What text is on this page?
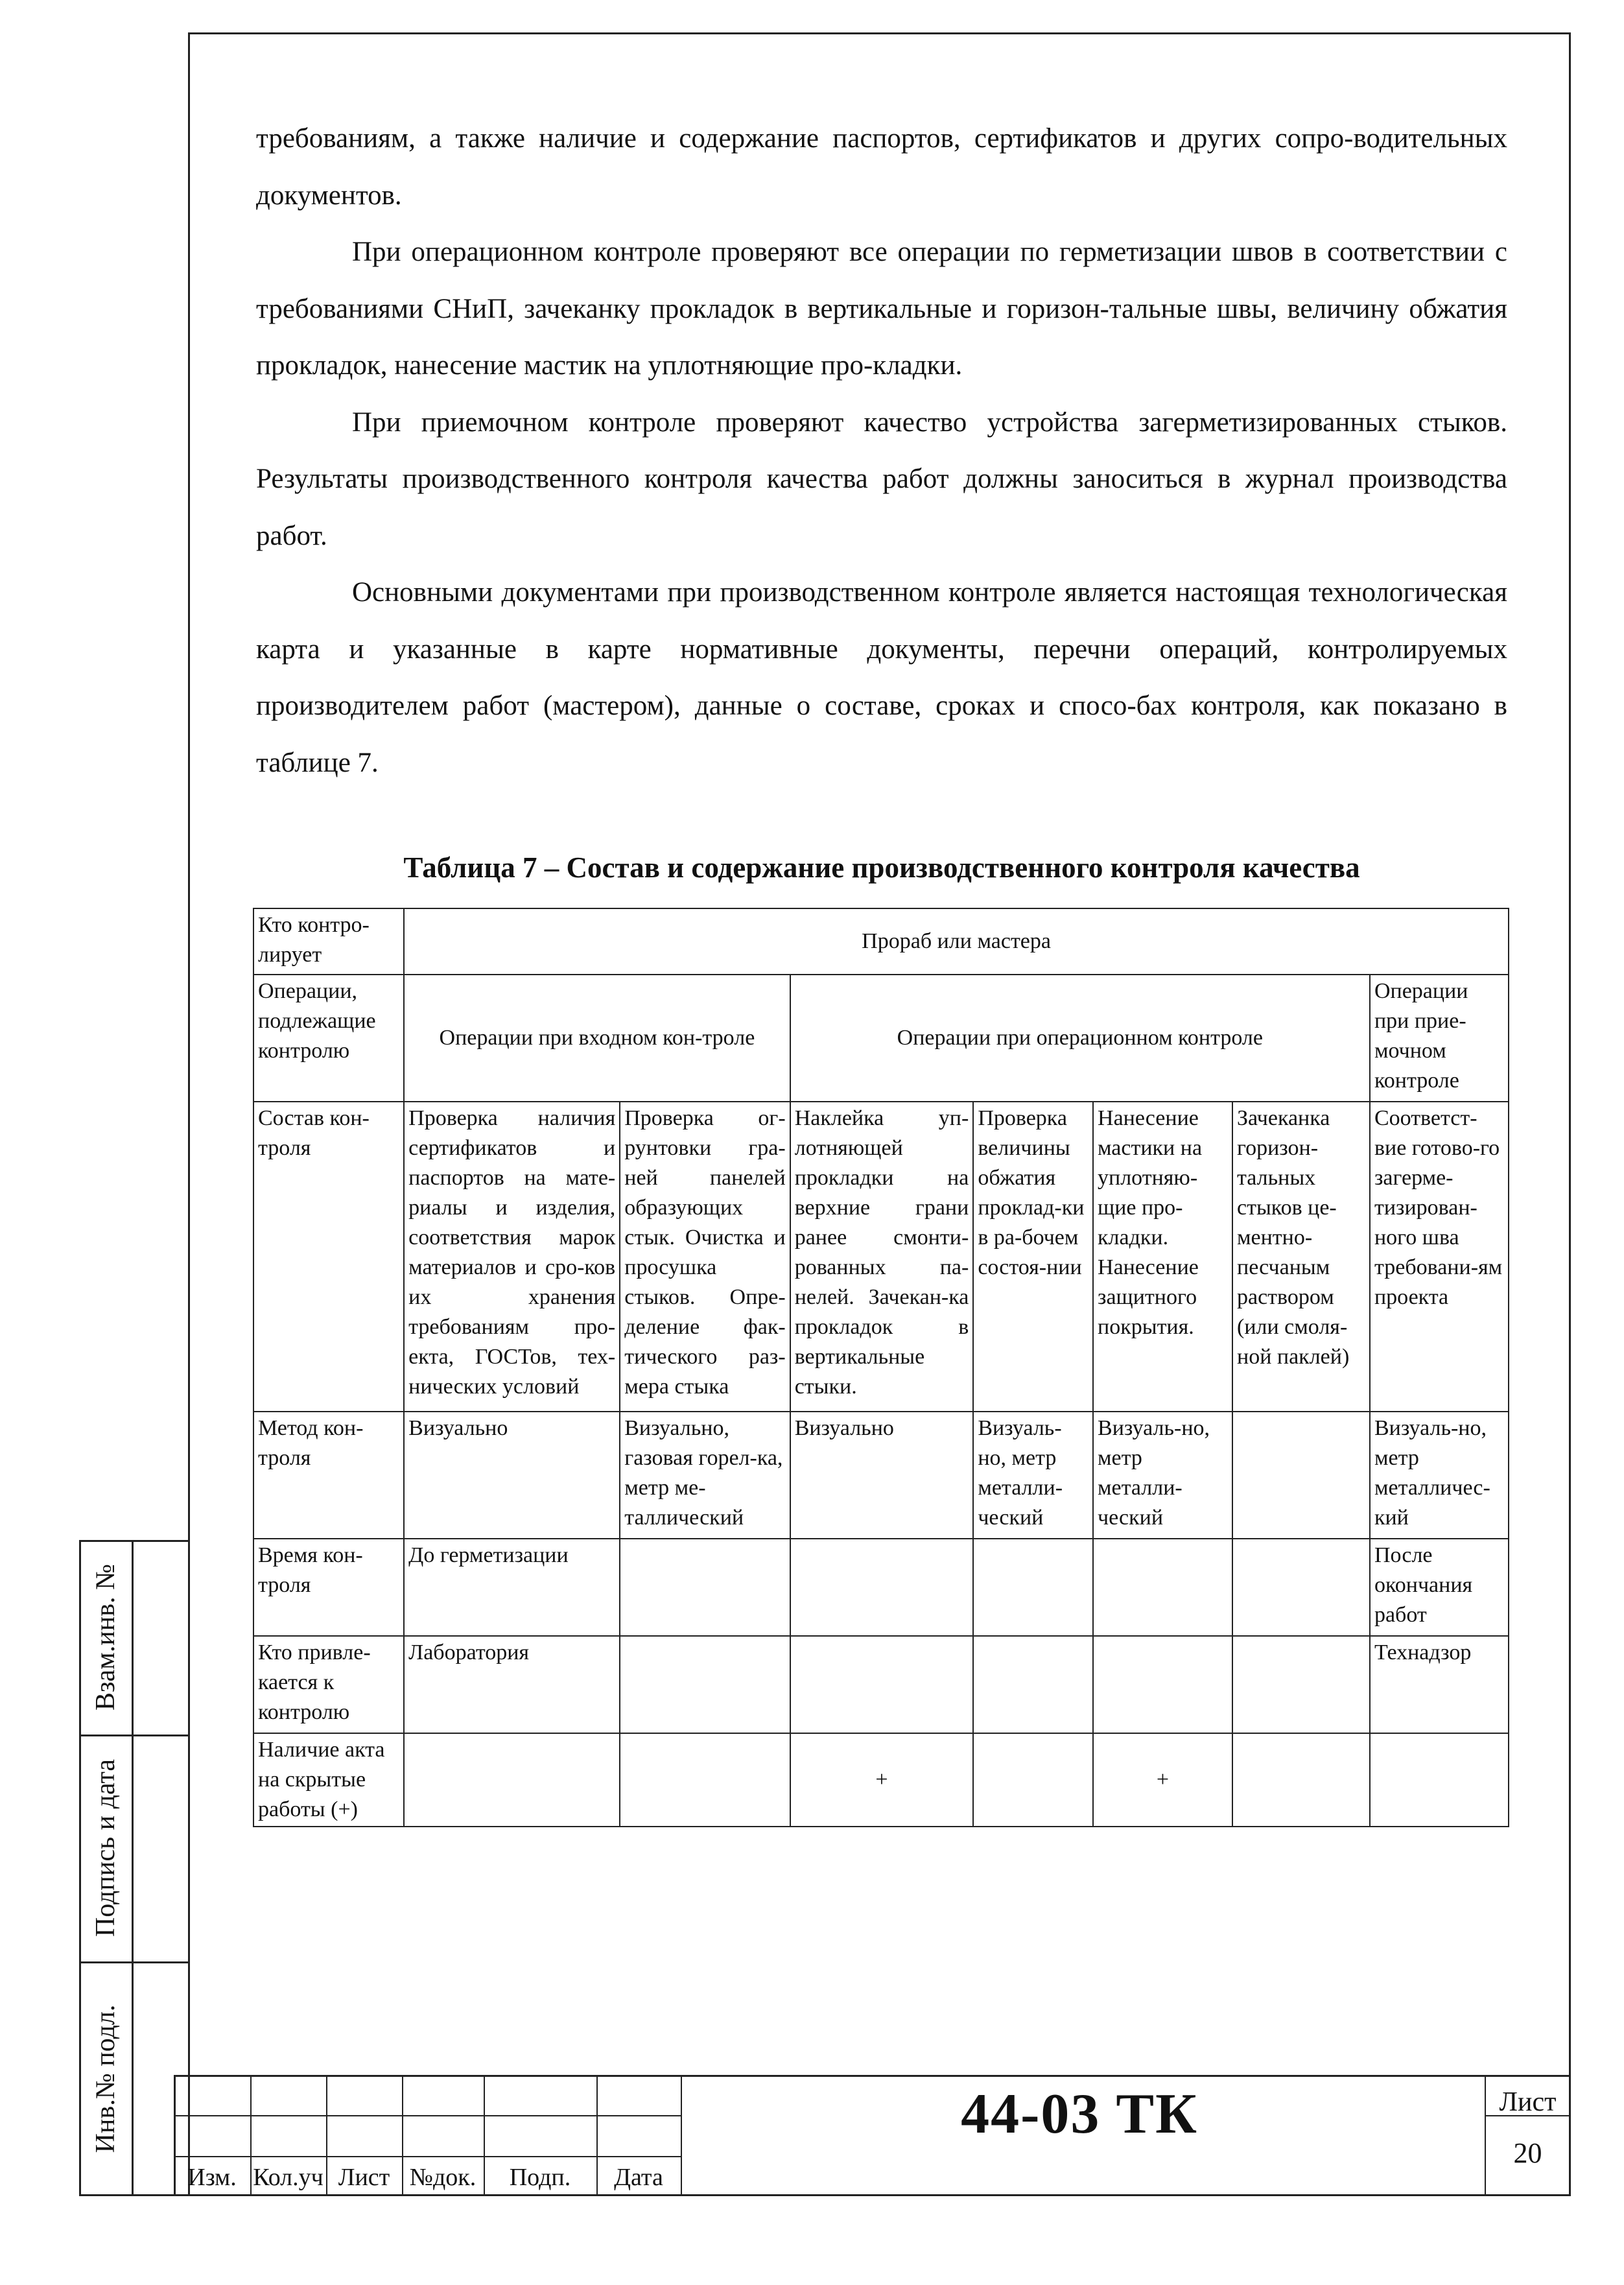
требованиям, а также наличие и содержание паспортов, сертификатов и других сопро-водительных документов.

При операционном контроле проверяют все операции по герметизации швов в соответствии с требованиями СНиП, зачеканку прокладок в вертикальные и горизон-тальные швы, величину обжатия прокладок, нанесение мастик на уплотняющие про-кладки.

При приемочном контроле проверяют качество устройства загерметизированных стыков. Результаты производственного контроля качества работ должны заноситься в журнал производства работ.

Основными документами при производственном контроле является настоящая технологическая карта и указанные в карте нормативные документы, перечни операций, контролируемых производителем работ (мастером), данные о составе, сроках и спосо-бах контроля, как показано в таблице 7.

Таблица 7 – Состав и содержание производственного контроля качества
Кто контро-лирует	Прораб или мастера						
Операции, подлежащие контролю	Операции при входном кон-троле		Операции при операционном контроле				Операции при прие-мочном контроле
Состав кон-троля	Проверка наличия сертификатов и паспортов на мате-риалы и изделия, соответствия марок материалов и сро-ков их хранения требованиям про-екта, ГОСТов, тех-нических условий	Проверка ог-рунтовки гра-ней панелей образующих стык. Очистка и просушка стыков. Опре-деление фак-тического раз-мера стыка	Наклейка уп-лотняющей прокладки на верхние грани ранее смонти-рованных па-нелей. Зачекан-ка прокладок в вертикальные стыки.	Проверка величины обжатия проклад-ки в ра-бочем состоя-нии	Нанесение мастики на уплотняю-щие про-кладки. Нанесение защитного покрытия.	Зачеканка горизон-тальных стыков це-ментно-песчаным раствором (или смоля-ной паклей)	Соответст-вие готово-го загерме-тизирован-ного шва требовани-ям проекта
Метод кон-троля	Визуально	Визуально, газовая горел-ка, метр ме-таллический	Визуально	Визуаль-но, метр металли-ческий	Визуаль-но, метр металли-ческий		Визуаль-но, метр металличес-кий
Время кон-троля	До герметизации						После окончания работ
Кто привле-кается к контролю	Лаборатория						Технадзор
Наличие акта на скрытые работы (+)			+		+		
Взам.инв. №
Подпись и дата
Инв.№ подл.
Изм. Кол.уч Лист №док.	Подп.	Дата
44-03 ТК	Лист
20
